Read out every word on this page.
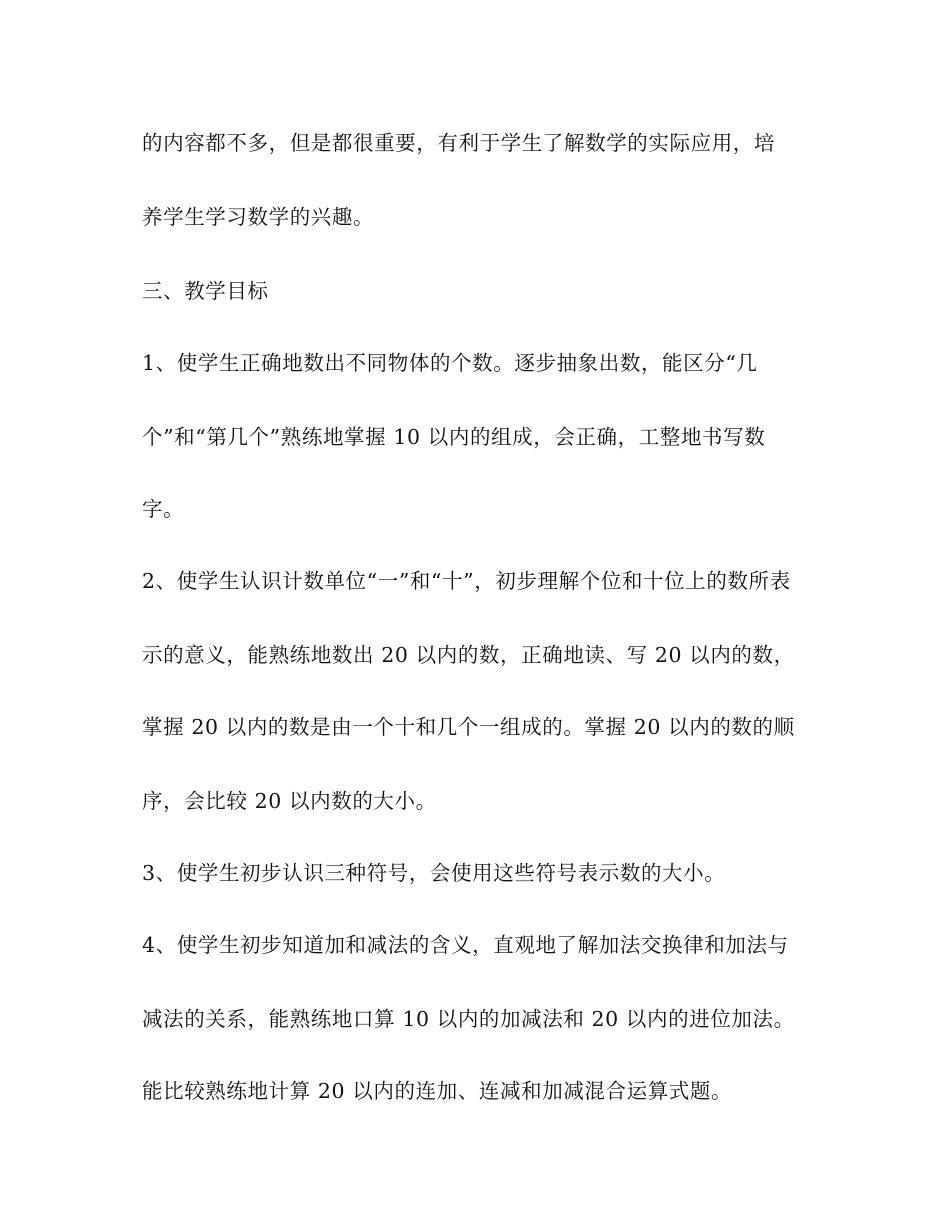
的内容都不多，但是都很重要，有利于学生了解数学的实际应用，培
养学生学习数学的兴趣。
三、教学目标
1、使学生正确地数出不同物体的个数。逐步抽象出数，能区分“几
个”和“第几个”熟练地掌握 10 以内的组成，会正确，工整地书写数
字。
2、使学生认识计数单位“一”和“十”，初步理解个位和十位上的数所表
示的意义，能熟练地数出 20 以内的数，正确地读、写 20 以内的数，
掌握 20 以内的数是由一个十和几个一组成的。掌握 20 以内的数的顺
序，会比较 20 以内数的大小。
3、使学生初步认识三种符号，会使用这些符号表示数的大小。
4、使学生初步知道加和减法的含义，直观地了解加法交换律和加法与
减法的关系，能熟练地口算 10 以内的加减法和 20 以内的进位加法。
能比较熟练地计算 20 以内的连加、连减和加减混合运算式题。
